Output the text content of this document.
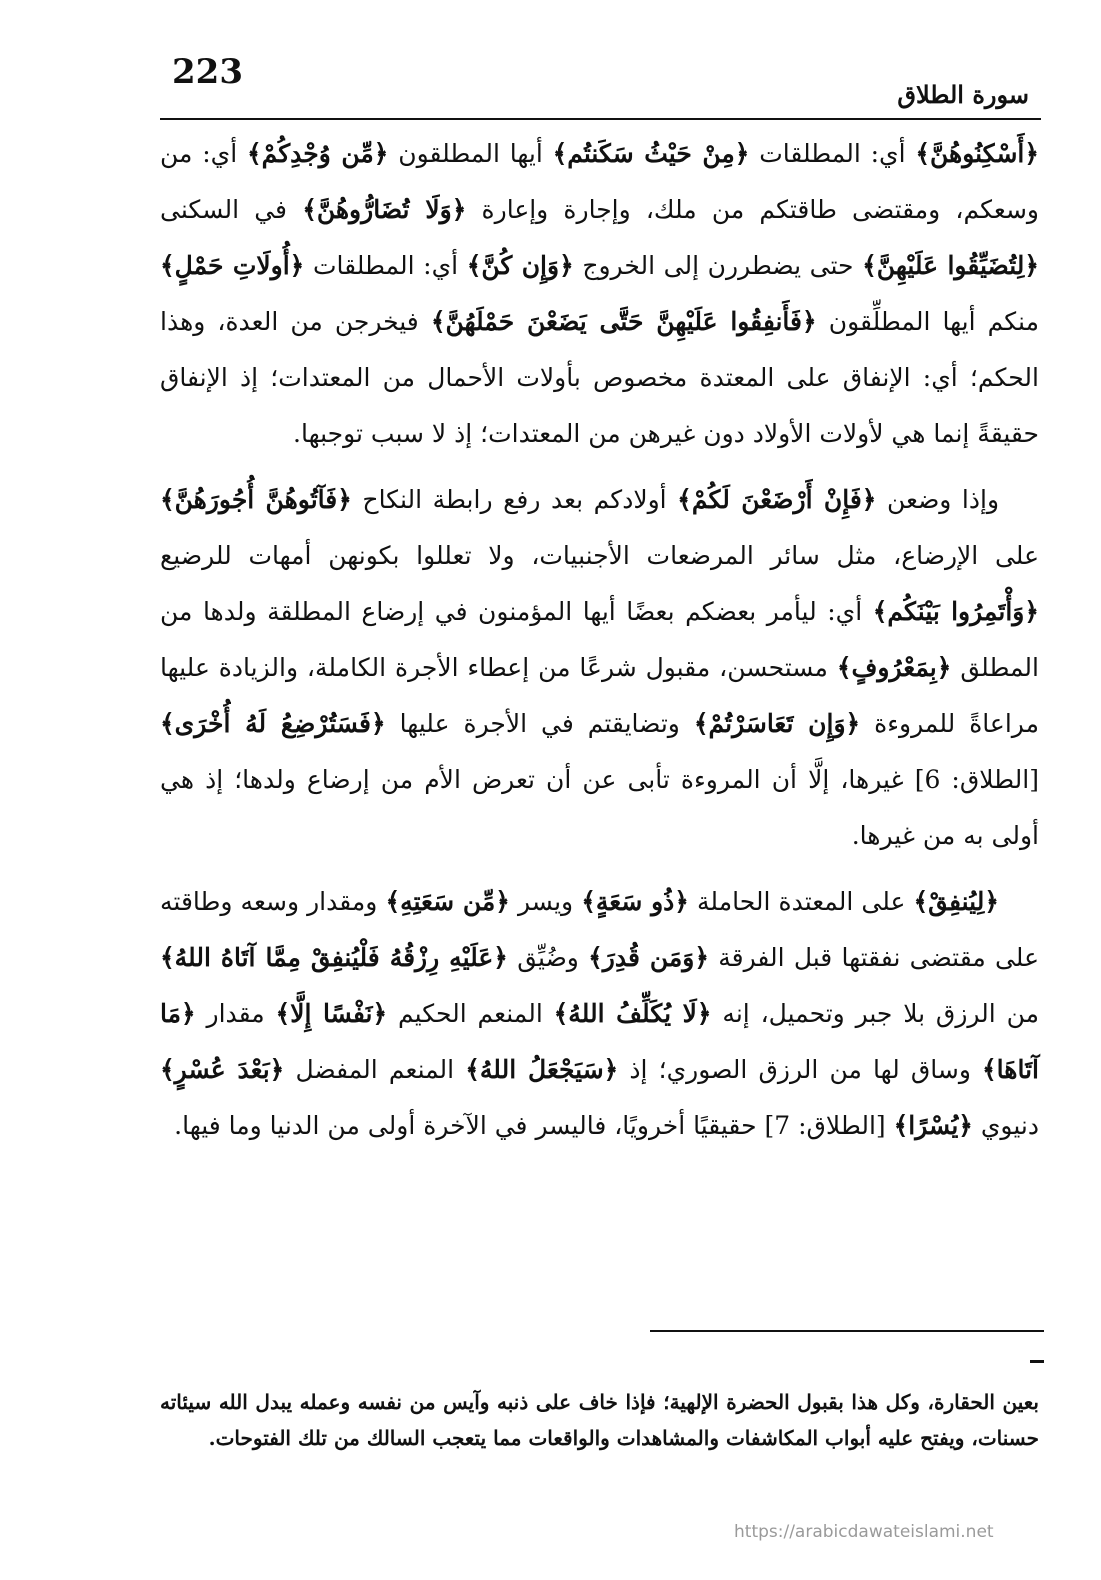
223
سورة الطلاق

﴿أَسْكِنُوهُنَّ﴾ أي: المطلقات ﴿مِنْ حَيْثُ سَكَنتُم﴾ أيها المطلقون ﴿مِّن وُجْدِكُمْ﴾ أي: من وسعكم، ومقتضى طاقتكم من ملك، وإجارة وإعارة ﴿وَلَا تُضَارُّوهُنَّ﴾ في السكنى ﴿لِتُضَيِّقُوا عَلَيْهِنَّ﴾ حتى يضطررن إلى الخروج ﴿وَإِن كُنَّ﴾ أي: المطلقات ﴿أُولَاتِ حَمْلٍ﴾ منكم أيها المطلِّقون ﴿فَأَنفِقُوا عَلَيْهِنَّ حَتَّى يَضَعْنَ حَمْلَهُنَّ﴾ فيخرجن من العدة، وهذا الحكم؛ أي: الإنفاق على المعتدة مخصوص بأولات الأحمال من المعتدات؛ إذ الإنفاق حقيقةً إنما هي لأولات الأولاد دون غيرهن من المعتدات؛ إذ لا سبب توجبها.

وإذا وضعن ﴿فَإِنْ أَرْضَعْنَ لَكُمْ﴾ أولادكم بعد رفع رابطة النكاح ﴿فَآتُوهُنَّ أُجُورَهُنَّ﴾ على الإرضاع، مثل سائر المرضعات الأجنبيات، ولا تعللوا بكونهن أمهات للرضيع ﴿وَأْتَمِرُوا بَيْنَكُم﴾ أي: ليأمر بعضكم بعضًا أيها المؤمنون في إرضاع المطلقة ولدها من المطلق ﴿بِمَعْرُوفٍ﴾ مستحسن، مقبول شرعًا من إعطاء الأجرة الكاملة، والزيادة عليها مراعاةً للمروءة ﴿وَإِن تَعَاسَرْتُمْ﴾ وتضايقتم في الأجرة عليها ﴿فَسَتُرْضِعُ لَهُ أُخْرَى﴾ [الطلاق: 6] غيرها، إلَّا أن المروءة تأبى عن أن تعرض الأم من إرضاع ولدها؛ إذ هي أولى به من غيرها.

﴿لِيُنفِقْ﴾ على المعتدة الحاملة ﴿ذُو سَعَةٍ﴾ ويسر ﴿مِّن سَعَتِهِ﴾ ومقدار وسعه وطاقته على مقتضى نفقتها قبل الفرقة ﴿وَمَن قُدِرَ﴾ وضُيِّق ﴿عَلَيْهِ رِزْقُهُ فَلْيُنفِقْ مِمَّا آتَاهُ اللهُ﴾ من الرزق بلا جبر وتحميل، إنه ﴿لَا يُكَلِّفُ اللهُ﴾ المنعم الحكيم ﴿نَفْسًا إِلَّا﴾ مقدار ﴿مَا آتَاهَا﴾ وساق لها من الرزق الصوري؛ إذ ﴿سَيَجْعَلُ اللهُ﴾ المنعم المفضل ﴿بَعْدَ عُسْرٍ﴾ دنيوي ﴿يُسْرًا﴾ [الطلاق: 7] حقيقيًا أخرويًا، فاليسر في الآخرة أولى من الدنيا وما فيها.

بعين الحقارة، وكل هذا بقبول الحضرة الإلهية؛ فإذا خاف على ذنبه وآيس من نفسه وعمله يبدل الله سيئاته حسنات، ويفتح عليه أبواب المكاشفات والمشاهدات والواقعات مما يتعجب السالك من تلك الفتوحات.
https://arabicdawateislami.net
